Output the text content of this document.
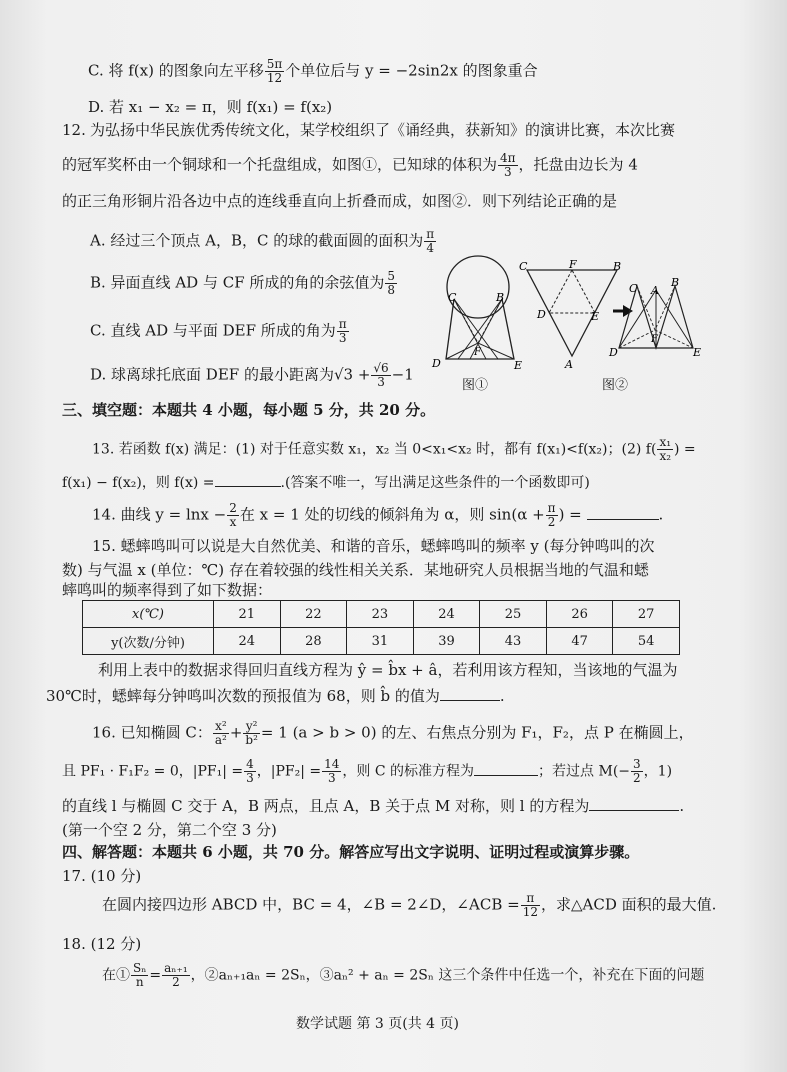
C. 将 f(x) 的图象向左平移 $\frac{5\pi}{12}$ 个单位后与 y = −2sin2x 的图象重合
D. 若 x₁ − x₂ = π，则 f(x₁) = f(x₂)
12. 为弘扬中华民族优秀传统文化，某学校组织了《诵经典，获新知》的演讲比赛，本次比赛
的冠军奖杯由一个铜球和一个托盘组成，如图①，已知球的体积为 $\frac{4\pi}{3}$ ，托盘由边长为 4
的正三角形铜片沿各边中点的连线垂直向上折叠而成，如图②．则下列结论正确的是
A. 经过三个顶点 A，B，C 的球的截面圆的面积为 $\frac{\pi}{4}$
B. 异面直线 AD 与 CF 所成的角的余弦值为 $\frac{5}{8}$
C. 直线 AD 与平面 DEF 所成的角为 $\frac{\pi}{3}$
D. 球离球托底面 DEF 的最小距离为$√3 + \frac{√6}{3} -1$
C	B
D	E
F
图①
C	F	B
D	E
A
C A
B
D	E
F
图②
三、填空题：本题共 4 小题，每小题 5 分，共 20 分。
13. 若函数 f(x) 满足：(1) 对于任意实数 x₁，x₂ 当 0<x₁<x₂ 时，都有 f(x₁)<f(x₂)；(2) $f( \frac{\text{x₁}}{\text{x₂}}$ ) =
f(x₁) − f(x₂)，则 f(x) =	.(答案不唯一，写出满足这些条件的一个函数即可)
14. 曲线 $y = \ln x - \frac{2}{x}$ 在 x = 1 处的切线的倾斜角为 α，则 $\sin(\alpha + \frac{\pi}{2}$ ) =	.
15. 蟋蟀鸣叫可以说是大自然优美、和谐的音乐，蟋蟀鸣叫的频率 y (每分钟鸣叫的次
数) 与气温 x (单位：℃) 存在着较强的线性相关关系．某地研究人员根据当地的气温和蟋
蟀鸣叫的频率得到了如下数据：
x(℃)	21	22	23	24	25	26	27
y(次数/分钟)	24	28	31	39	43	47	54
利用上表中的数据求得回归直线方程为 ŷ = b̂x + â，若利用该方程知，当该地的气温为
30℃时，蟋蟀每分钟鸣叫次数的预报值为 68，则 b̂ 的值为	.
16. 已知椭圆 C： $\frac{\text{x²}}{\text{a²}} + \frac{\text{y²}}{\text{b²}} = 1$ (a > b > 0) 的左、右焦点分别为 F₁，F₂，点 P 在椭圆上，
且 PF₁ · F₁F₂ = 0，$|PF_1| = \frac{4}{3}$ ，$|PF_2| = \frac{14}{3}$ ，则 C 的标准方程为	；若过点 $M(- \frac{3}{2}$ ，1)
的直线 l 与椭圆 C 交于 A，B 两点，且点 A，B 关于点 M 对称，则 l 的方程为	.
(第一个空 2 分，第二个空 3 分)
四、解答题：本题共 6 小题，共 70 分。解答应写出文字说明、证明过程或演算步骤。
17. (10 分)
在圆内接四边形 ABCD 中，BC = 4，∠B = 2∠D，∠ACB = $\frac{\pi}{12}$ ，求△ACD 面积的最大值.
18. (12 分)
在① $\frac{\text{Sₙ}}{n} = \frac{\text{aₙ₊₁}}{2}$ ，②aₙ₊₁aₙ = 2Sₙ，③aₙ² + aₙ = 2Sₙ 这三个条件中任选一个，补充在下面的问题
数学试题 第 3 页(共 4 页)
